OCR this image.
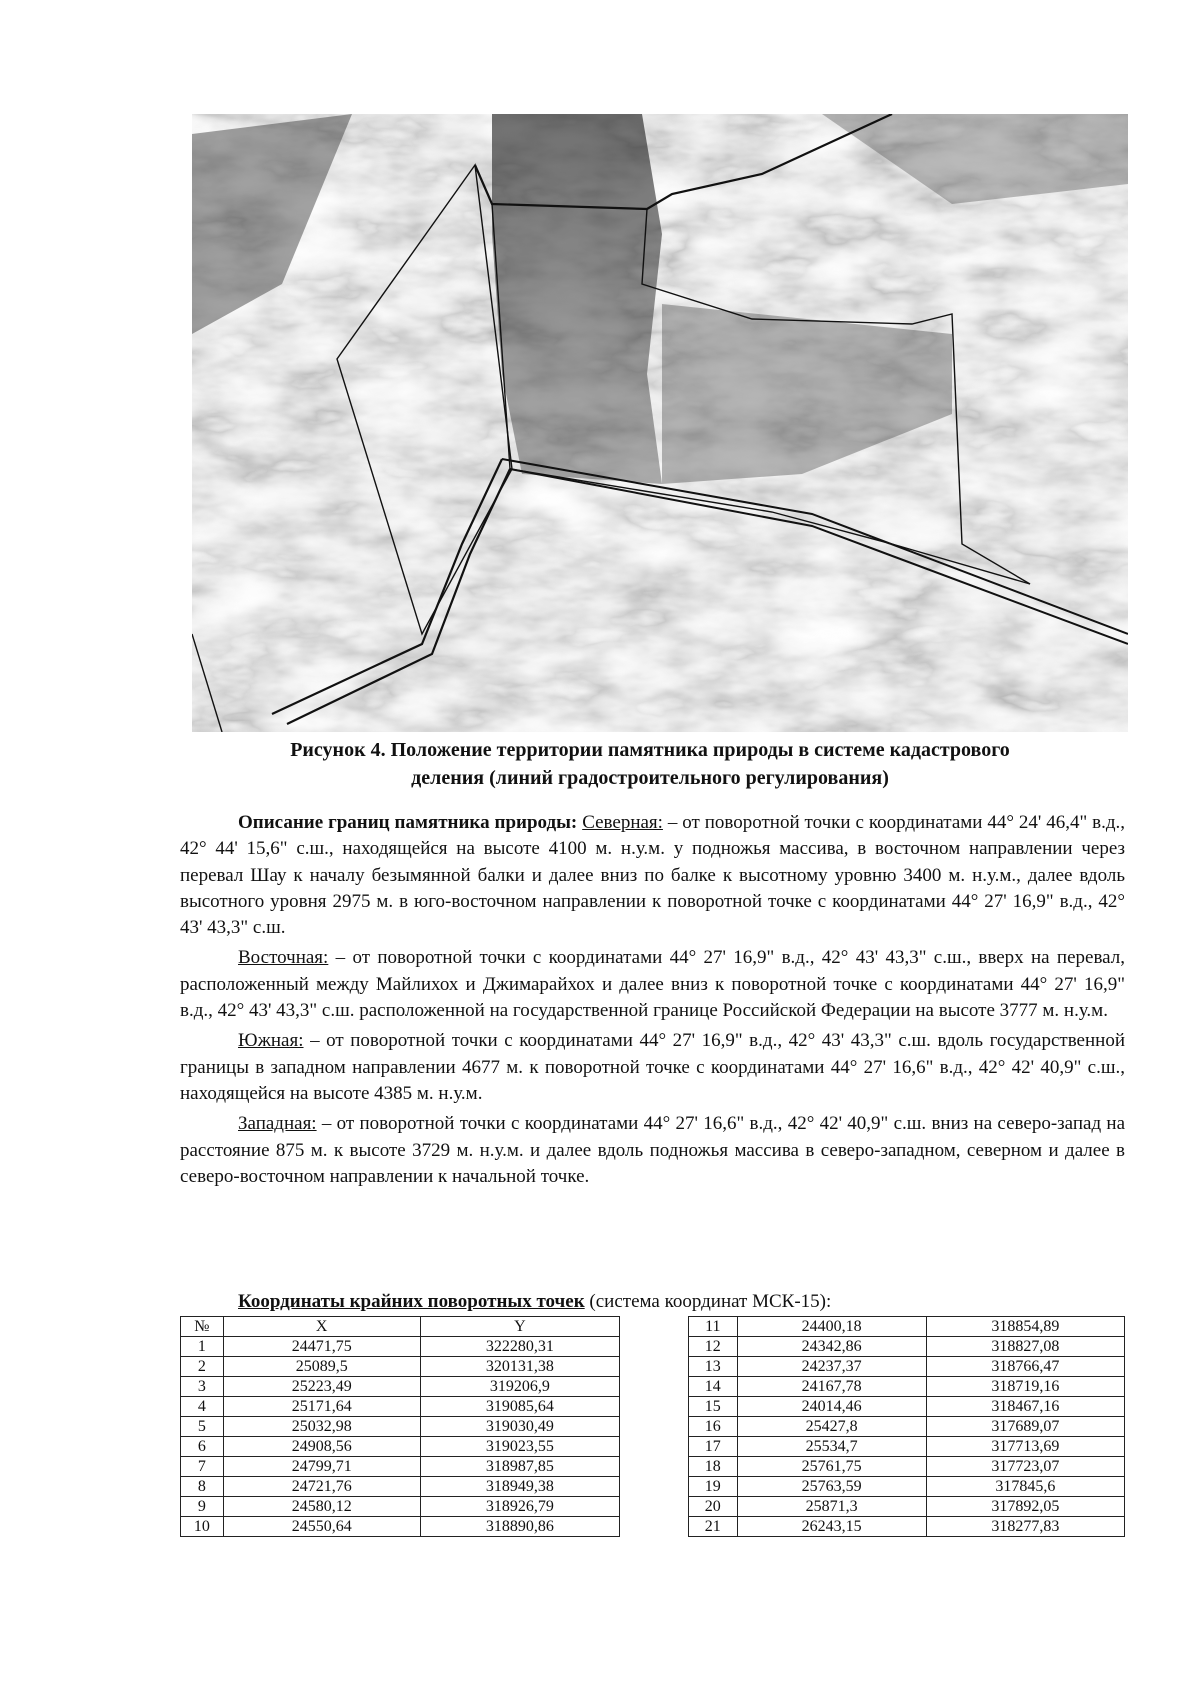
Рисунок 4. Положение территории памятника природы в системе кадастрового
деления (линий градостроительного регулирования)

Описание границ памятника природы: Северная: – от поворотной точки с координатами 44° 24' 46,4" в.д., 42° 44' 15,6" с.ш., находящейся на высоте 4100 м. н.у.м. у подножья массива, в восточном направлении через перевал Шау к началу безымянной балки и далее вниз по балке к высотному уровню 3400 м. н.у.м., далее вдоль высотного уровня 2975 м. в юго-восточном направлении к поворотной точке с координатами 44° 27' 16,9" в.д., 42° 43' 43,3" с.ш.

Восточная: – от поворотной точки с координатами 44° 27' 16,9" в.д., 42° 43' 43,3" с.ш., вверх на перевал, расположенный между Майлихох и Джимарайхох и далее вниз к поворотной точке с координатами 44° 27' 16,9" в.д., 42° 43' 43,3" с.ш. расположенной на государственной границе Российской Федерации на высоте 3777 м. н.у.м.

Южная: – от поворотной точки с координатами 44° 27' 16,9" в.д., 42° 43' 43,3" с.ш. вдоль государственной границы в западном направлении 4677 м. к поворотной точке с координатами 44° 27' 16,6" в.д., 42° 42' 40,9" с.ш., находящейся на высоте 4385 м. н.у.м.

Западная: – от поворотной точки с координатами 44° 27' 16,6" в.д., 42° 42' 40,9" с.ш. вниз на северо-запад на расстояние 875 м. к высоте 3729 м. н.у.м. и далее вдоль подножья массива в северо-западном, северном и далее в северо-восточном направлении к начальной точке.

Координаты крайних поворотных точек (система координат МСК-15):
№	X	Y
1	24471,75	322280,31
2	25089,5	320131,38
3	25223,49	319206,9
4	25171,64	319085,64
5	25032,98	319030,49
6	24908,56	319023,55
7	24799,71	318987,85
8	24721,76	318949,38
9	24580,12	318926,79
10	24550,64	318890,86
11	24400,18	318854,89
12	24342,86	318827,08
13	24237,37	318766,47
14	24167,78	318719,16
15	24014,46	318467,16
16	25427,8	317689,07
17	25534,7	317713,69
18	25761,75	317723,07
19	25763,59	317845,6
20	25871,3	317892,05
21	26243,15	318277,83
